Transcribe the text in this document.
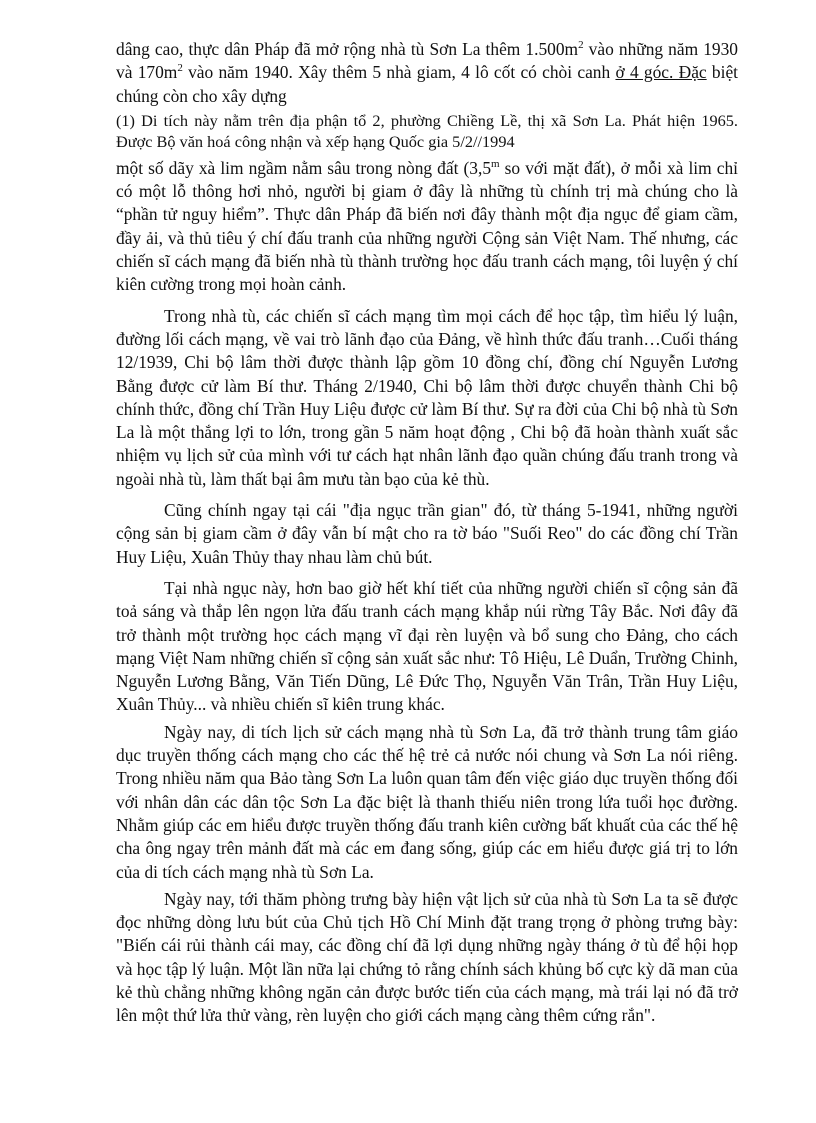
dâng cao, thực dân Pháp đã mở rộng nhà tù Sơn La thêm $1.500m^2$ vào những năm 1930 và $170m^2$ vào năm 1940. Xây thêm 5 nhà giam, 4 lô cốt có chòi canh ở 4 góc. Đặc biệt chúng còn cho xây dựng

(1) Di tích này nằm trên địa phận tổ 2, phường Chiềng Lề, thị xã Sơn La. Phát hiện 1965. Được Bộ văn hoá công nhận và xếp hạng Quốc gia 5/2//1994

một số dãy xà lim ngầm nằm sâu trong nòng đất (3,5$^m$ so với mặt đất), ở mỗi xà lim chỉ có một lỗ thông hơi nhỏ, người bị giam ở đây là những tù chính trị mà chúng cho là “phần tử nguy hiểm”. Thực dân Pháp đã biến nơi đây thành một địa ngục để giam cầm, đầy ải, và thủ tiêu ý chí đấu tranh của những người Cộng sản Việt Nam. Thế nhưng, các chiến sĩ cách mạng đã biến nhà tù thành trường học đấu tranh cách mạng, tôi luyện ý chí kiên cường trong mọi hoàn cảnh.

Trong nhà tù, các chiến sĩ cách mạng tìm mọi cách để học tập, tìm hiểu lý luận, đường lối cách mạng, về vai trò lãnh đạo của Đảng, về hình thức đấu tranh…Cuối tháng 12/1939, Chi bộ lâm thời được thành lập gồm 10 đồng chí, đồng chí Nguyễn Lương Bằng được cử làm Bí thư. Tháng 2/1940, Chi bộ lâm thời được chuyển thành Chi bộ chính thức, đồng chí Trần Huy Liệu được cử làm Bí thư. Sự ra đời của Chi bộ nhà tù Sơn La là một thắng lợi to lớn, trong gần 5 năm hoạt động , Chi bộ đã hoàn thành xuất sắc nhiệm vụ lịch sử của mình với tư cách hạt nhân lãnh đạo quần chúng đấu tranh trong và ngoài nhà tù, làm thất bại âm mưu tàn bạo của kẻ thù.

Cũng chính ngay tại cái "địa ngục trần gian" đó, từ tháng 5-1941, những người cộng sản bị giam cầm ở đây vẫn bí mật cho ra tờ báo "Suối Reo" do các đồng chí Trần Huy Liệu, Xuân Thủy thay nhau làm chủ bút.

Tại nhà ngục này, hơn bao giờ hết khí tiết của những người chiến sĩ cộng sản đã toả sáng và thắp lên ngọn lửa đấu tranh cách mạng khắp núi rừng Tây Bắc. Nơi đây đã trở thành một trường học cách mạng vĩ đại rèn luyện và bổ sung cho Đảng, cho cách mạng Việt Nam những chiến sĩ cộng sản xuất sắc như: Tô Hiệu, Lê Duẩn, Trường Chinh, Nguyễn Lương Bằng, Văn Tiến Dũng, Lê Đức Thọ, Nguyễn Văn Trân, Trần Huy Liệu, Xuân Thủy... và nhiều chiến sĩ kiên trung khác.

Ngày nay, di tích lịch sử cách mạng nhà tù Sơn La, đã trở thành trung tâm giáo dục truyền thống cách mạng cho các thế hệ trẻ cả nước nói chung và Sơn La nói riêng. Trong nhiều năm qua Bảo tàng Sơn La luôn quan tâm đến việc giáo dục truyền thống đối với nhân dân các dân tộc Sơn La đặc biệt là thanh thiếu niên trong lứa tuổi học đường. Nhằm giúp các em hiểu được truyền thống đấu tranh kiên cường bất khuất của các thế hệ cha ông ngay trên mảnh đất mà các em đang sống, giúp các em hiểu được giá trị to lớn của di tích cách mạng nhà tù Sơn La.

Ngày nay, tới thăm phòng trưng bày hiện vật lịch sử của nhà tù Sơn La ta sẽ được đọc những dòng lưu bút của Chủ tịch Hồ Chí Minh đặt trang trọng ở phòng trưng bày: "Biến cái rủi thành cái may, các đồng chí đã lợi dụng những ngày tháng ở tù để hội họp và học tập lý luận. Một lần nữa lại chứng tỏ rằng chính sách khủng bố cực kỳ dã man của kẻ thù chẳng những không ngăn cản được bước tiến của cách mạng, mà trái lại nó đã trở lên một thứ lửa thử vàng, rèn luyện cho giới cách mạng càng thêm cứng rắn".
